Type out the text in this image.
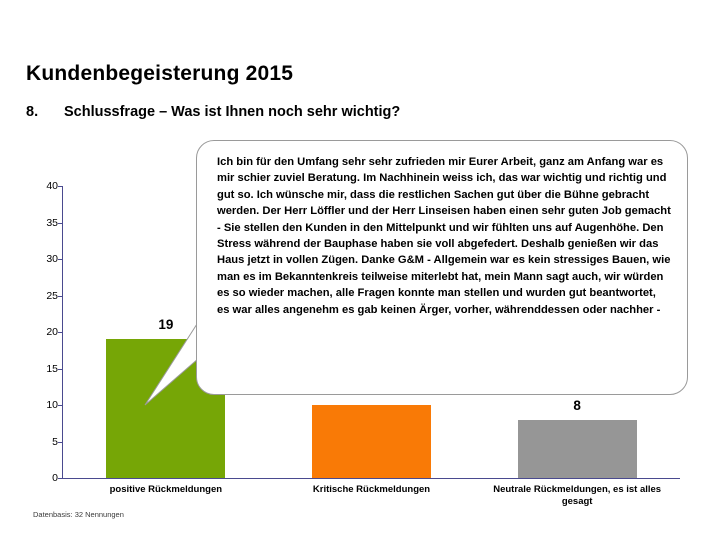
Kundenbegeisterung 2015
8. Schlussfrage – Was ist Ihnen noch sehr wichtig?
0
5
10
15
20
25
30
35
40
19
8
positive Rückmeldungen	Kritische Rückmeldungen	Neutrale Rückmeldungen, es ist alles gesagt
Datenbasis: 32 Nennungen
Ich bin für den Umfang sehr sehr zufrieden mir Eurer Arbeit, ganz am Anfang war es mir schier zuviel Beratung. Im Nachhinein weiss ich, das war wichtig und richtig und gut so. Ich wünsche mir, dass die restlichen Sachen gut über die Bühne gebracht werden. Der Herr Löffler und der Herr Linseisen haben einen sehr guten Job gemacht - Sie stellen den Kunden in den Mittelpunkt und wir fühlten uns auf Augenhöhe. Den Stress während der Bauphase haben sie voll abgefedert. Deshalb genießen wir das Haus jetzt in vollen Zügen. Danke G&M - Allgemein war es kein stressiges Bauen, wie man es im Bekanntenkreis teilweise miterlebt hat, mein Mann sagt auch, wir würden es so wieder machen, alle Fragen konnte man stellen und wurden gut beantwortet, es war alles angenehm es gab keinen Ärger, vorher, währenddessen oder nachher -
